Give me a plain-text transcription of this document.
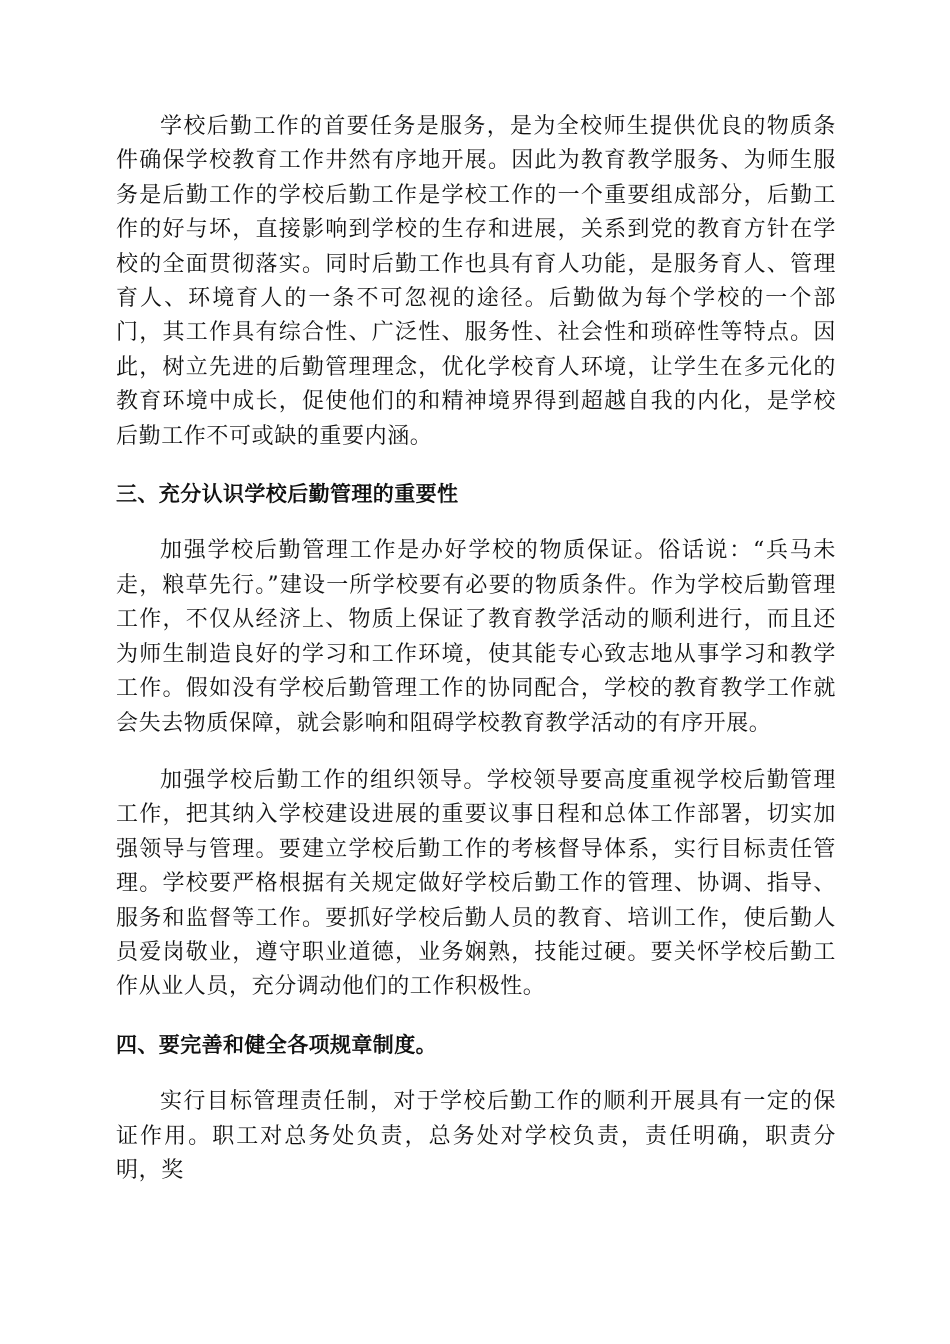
学校后勤工作的首要任务是服务，是为全校师生提供优良的物质条件确保学校教育工作井然有序地开展。因此为教育教学服务、为师生服务是后勤工作的学校后勤工作是学校工作的一个重要组成部分，后勤工作的好与坏，直接影响到学校的生存和进展，关系到党的教育方针在学校的全面贯彻落实。同时后勤工作也具有育人功能，是服务育人、管理育人、环境育人的一条不可忽视的途径。后勤做为每个学校的一个部门，其工作具有综合性、广泛性、服务性、社会性和琐碎性等特点。因此，树立先进的后勤管理理念，优化学校育人环境，让学生在多元化的教育环境中成长，促使他们的和精神境界得到超越自我的内化，是学校后勤工作不可或缺的重要内涵。

三、充分认识学校后勤管理的重要性

加强学校后勤管理工作是办好学校的物质保证。俗话说：“兵马未走，粮草先行。”建设一所学校要有必要的物质条件。作为学校后勤管理工作，不仅从经济上、物质上保证了教育教学活动的顺利进行，而且还为师生制造良好的学习和工作环境，使其能专心致志地从事学习和教学工作。假如没有学校后勤管理工作的协同配合，学校的教育教学工作就会失去物质保障，就会影响和阻碍学校教育教学活动的有序开展。

加强学校后勤工作的组织领导。学校领导要高度重视学校后勤管理工作，把其纳入学校建设进展的重要议事日程和总体工作部署，切实加强领导与管理。要建立学校后勤工作的考核督导体系，实行目标责任管理。学校要严格根据有关规定做好学校后勤工作的管理、协调、指导、服务和监督等工作。要抓好学校后勤人员的教育、培训工作，使后勤人员爱岗敬业，遵守职业道德，业务娴熟，技能过硬。要关怀学校后勤工作从业人员，充分调动他们的工作积极性。

四、要完善和健全各项规章制度。

实行目标管理责任制，对于学校后勤工作的顺利开展具有一定的保证作用。职工对总务处负责，总务处对学校负责，责任明确，职责分明，奖
